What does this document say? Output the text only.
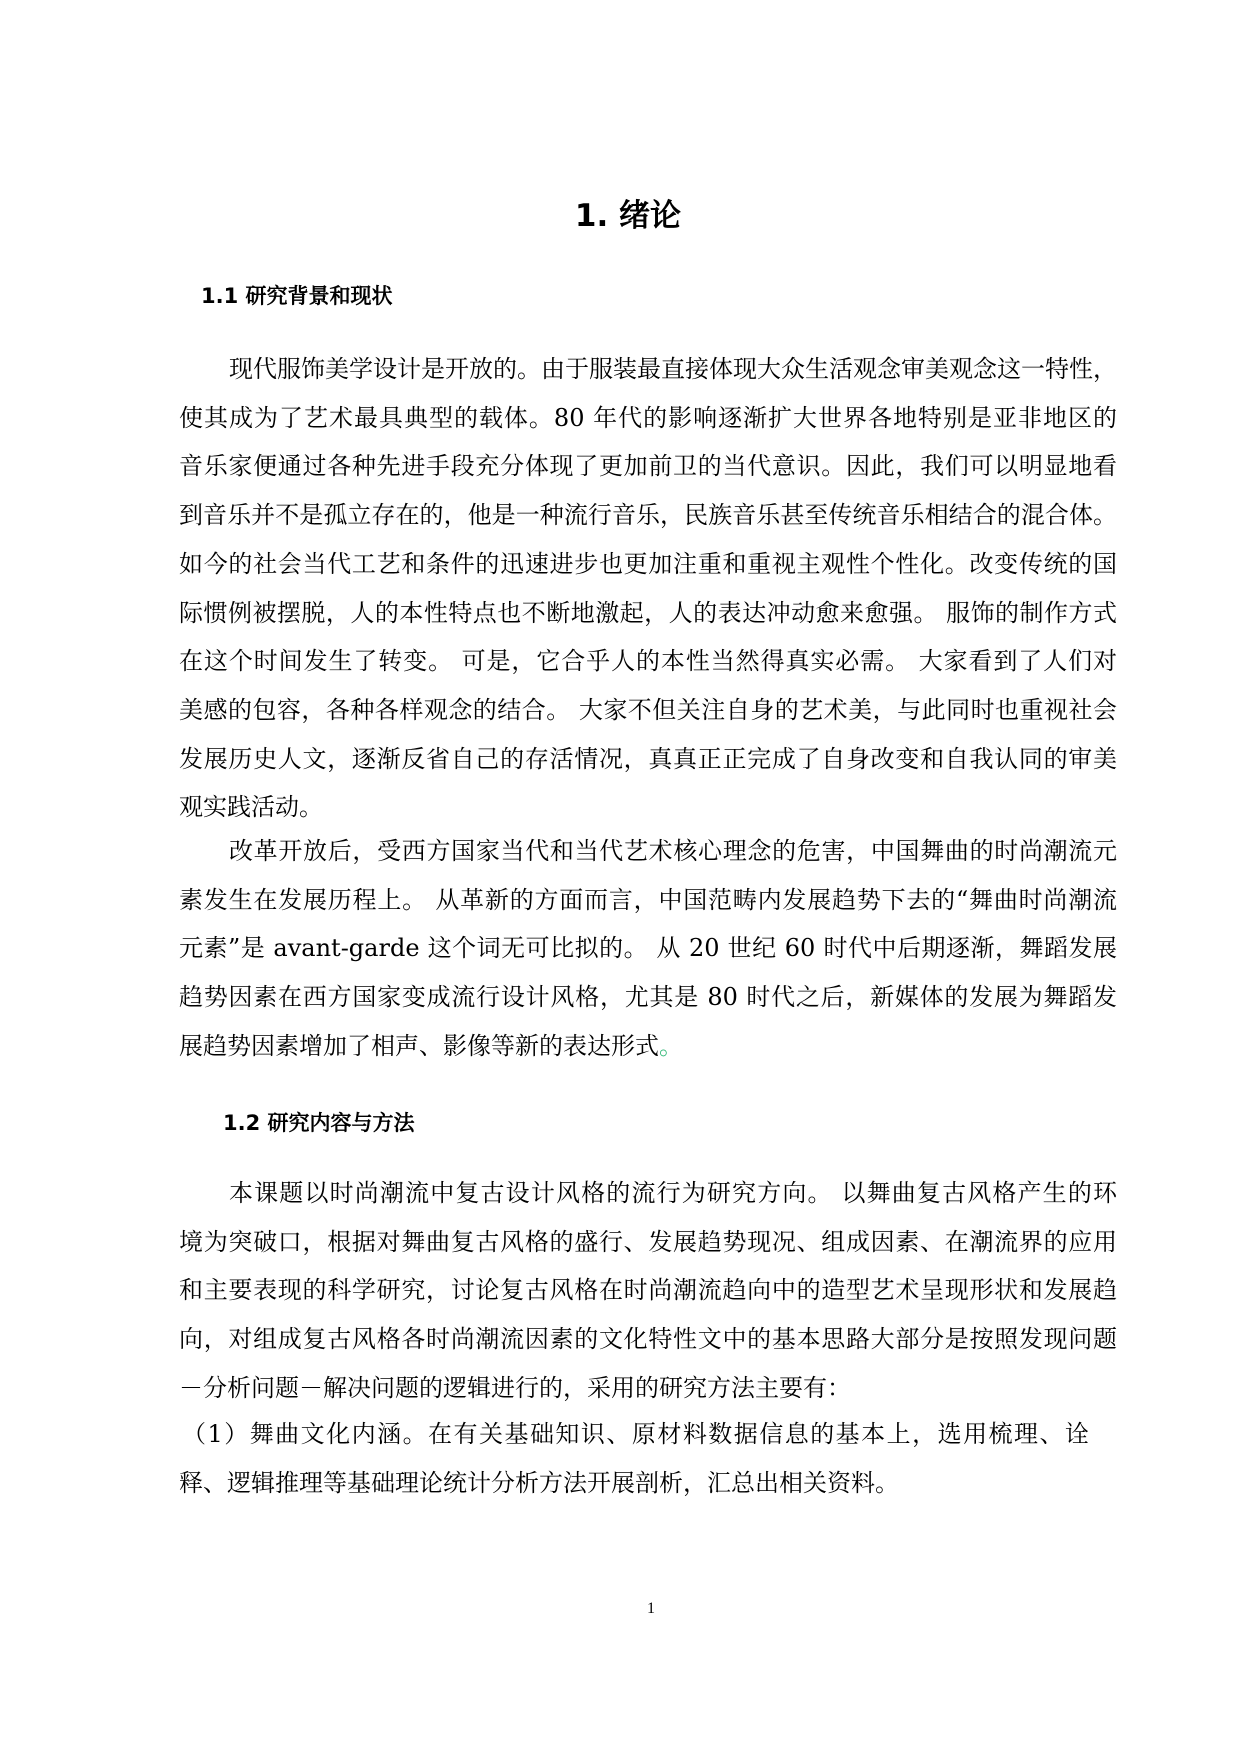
1. 绪论
1.1 研究背景和现状
1.2 研究内容与方法
现代服饰美学设计是开放的。由于服装最直接体现大众生活观念审美观念这一特性，
使其成为了艺术最具典型的载体。80 年代的影响逐渐扩大世界各地特别是亚非地区的
音乐家便通过各种先进手段充分体现了更加前卫的当代意识。因此，我们可以明显地看
到音乐并不是孤立存在的，他是一种流行音乐，民族音乐甚至传统音乐相结合的混合体。
如今的社会当代工艺和条件的迅速进步也更加注重和重视主观性个性化。改变传统的国
际惯例被摆脱，人的本性特点也不断地激起，人的表达冲动愈来愈强。 服饰的制作方式
在这个时间发生了转变。 可是，它合乎人的本性当然得真实必需。 大家看到了人们对
美感的包容，各种各样观念的结合。 大家不但关注自身的艺术美，与此同时也重视社会
发展历史人文，逐渐反省自己的存活情况，真真正正完成了自身改变和自我认同的审美
观实践活动。
改革开放后，受西方国家当代和当代艺术核心理念的危害，中国舞曲的时尚潮流元
素发生在发展历程上。 从革新的方面而言，中国范畴内发展趋势下去的“舞曲时尚潮流
元素”是 avant-garde 这个词无可比拟的。 从 20 世纪 60 时代中后期逐渐，舞蹈发展
趋势因素在西方国家变成流行设计风格，尤其是 80 时代之后，新媒体的发展为舞蹈发
展趋势因素增加了相声、影像等新的表达形式。
本课题以时尚潮流中复古设计风格的流行为研究方向。 以舞曲复古风格产生的环
境为突破口，根据对舞曲复古风格的盛行、发展趋势现况、组成因素、在潮流界的应用
和主要表现的科学研究，讨论复古风格在时尚潮流趋向中的造型艺术呈现形状和发展趋
向，对组成复古风格各时尚潮流因素的文化特性文中的基本思路大部分是按照发现问题
－分析问题－解决问题的逻辑进行的，采用的研究方法主要有：
（1）舞曲文化内涵。在有关基础知识、原材料数据信息的基本上，选用梳理、诠
释、逻辑推理等基础理论统计分析方法开展剖析，汇总出相关资料。
1
